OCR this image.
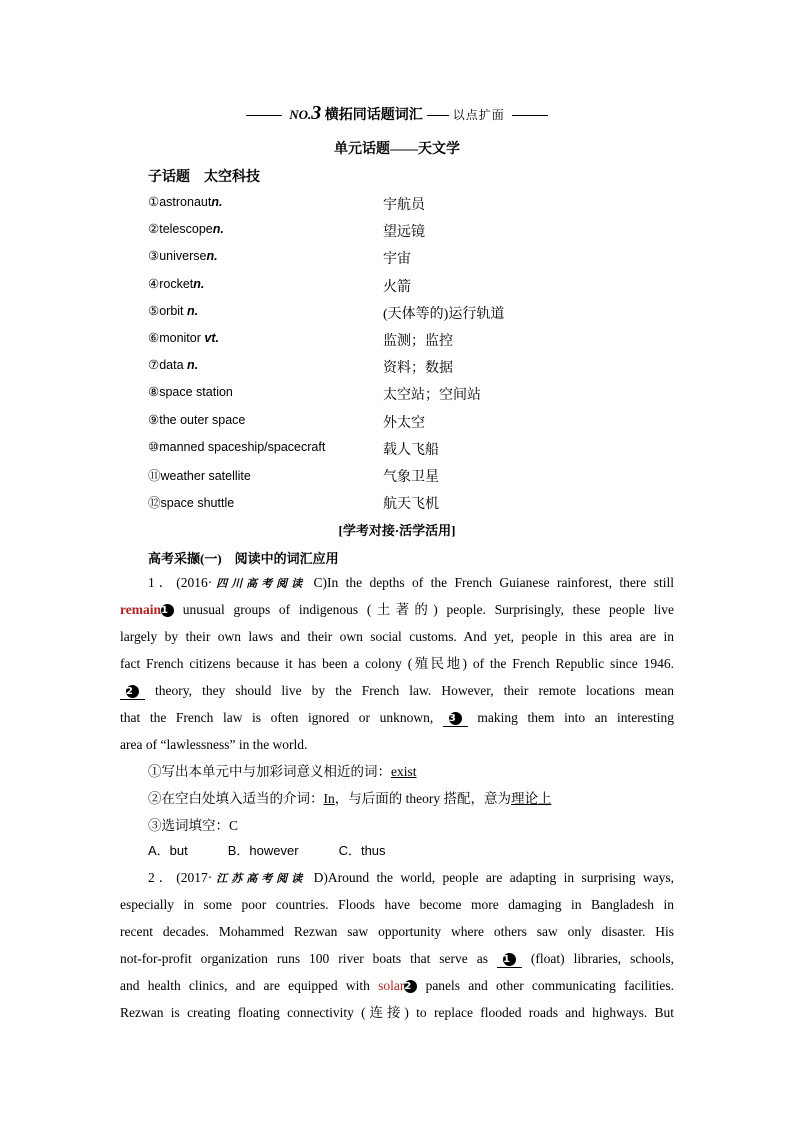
NO.3 横拓同话题词汇	以点扩面
单元话题——天文学
子话题　太空科技
①astronautn.	宇航员
②telescopen.	望远镜
③universen.	宇宙
④rocketn.	火箭
⑤orbit n.	(天体等的)运行轨道
⑥monitor vt.	监测；监控
⑦data n.	资料；数据
⑧space station	太空站；空间站
⑨the outer space	外太空
⑩manned spaceship/spacecraft	载人飞船
⑪weather satellite	气象卫星
⑫space shuttle	航天飞机
[学考对接·活学活用]
高考采撷(一)　阅读中的词汇应用
1．(2016·四川高考阅读 C)In the depths of the French Guianese rainforest, there still
remain1 unusual groups of indigenous (土著的) people. Surprisingly, these people live
largely by their own laws and their own social customs. And yet, people in this area are in
fact French citizens because it has been a colony (殖民地) of the French Republic since 1946.
2 theory, they should live by the French law. However, their remote locations mean
that the French law is often ignored or unknown, 3 making them into an interesting
area of “lawlessness” in the world.
①写出本单元中与加彩词意义相近的词：exist
②在空白处填入适当的介词：In，与后面的 theory 搭配，意为理论上
③选词填空：C
A．but	B．however	C．thus
2．(2017·江苏高考阅读 D)Around the world, people are adapting in surprising ways,
especially in some poor countries. Floods have become more damaging in Bangladesh in
recent decades. Mohammed Rezwan saw opportunity where others saw only disaster. His
not-for-profit organization runs 100 river boats that serve as 1 (float) libraries, schools,
and health clinics, and are equipped with solar2 panels and other communicating facilities.
Rezwan is creating floating connectivity (连接) to replace flooded roads and highways. But
